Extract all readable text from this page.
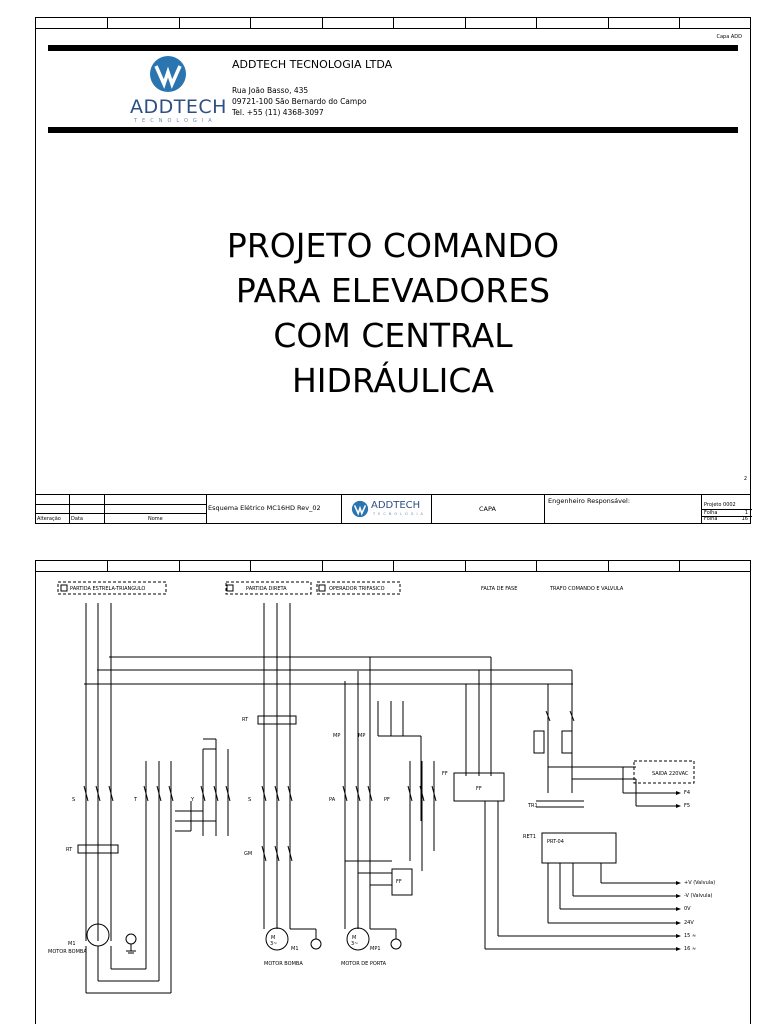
Capa ADD
ADDTECH
TECNOLOGIA
ADDTECH TECNOLOGIA LTDA
Rua João Basso, 435
09721-100 São Bernardo do Campo
Tel. +55 (11) 4368-3097
PROJETO COMANDO
PARA ELEVADORES
COM CENTRAL
HIDRÁULICA
2
Alteração Data	Nome
Esquema Elétrico MC16HD Rev_02	ADDTECH
TECNOLOGIA
CAPA
Engenheiro Responsável:	Projeto 0002
Folha	1
Folha	16
PARTIDA ESTRELA-TRIANGULO	PARTIDA DIRETA	OPERADOR TRIFASICO	FALTA DE FASE	TRAFO COMANDO E VALVULA
S	T	Y
RT
M1
MOTOR BOMBA
RT
S
GM
M
3~
M1
MOTOR BOMBA
MP	MP
PA	PF
M
3~
MP1
MOTOR DE PORTA
FF
FF
FF
TR1
RET1
PRT-04
SAIDA 220VAC
F4
F5
+V (Valvula)
-V (Valvula)
0V
24V
15 ≈
16 ≈
